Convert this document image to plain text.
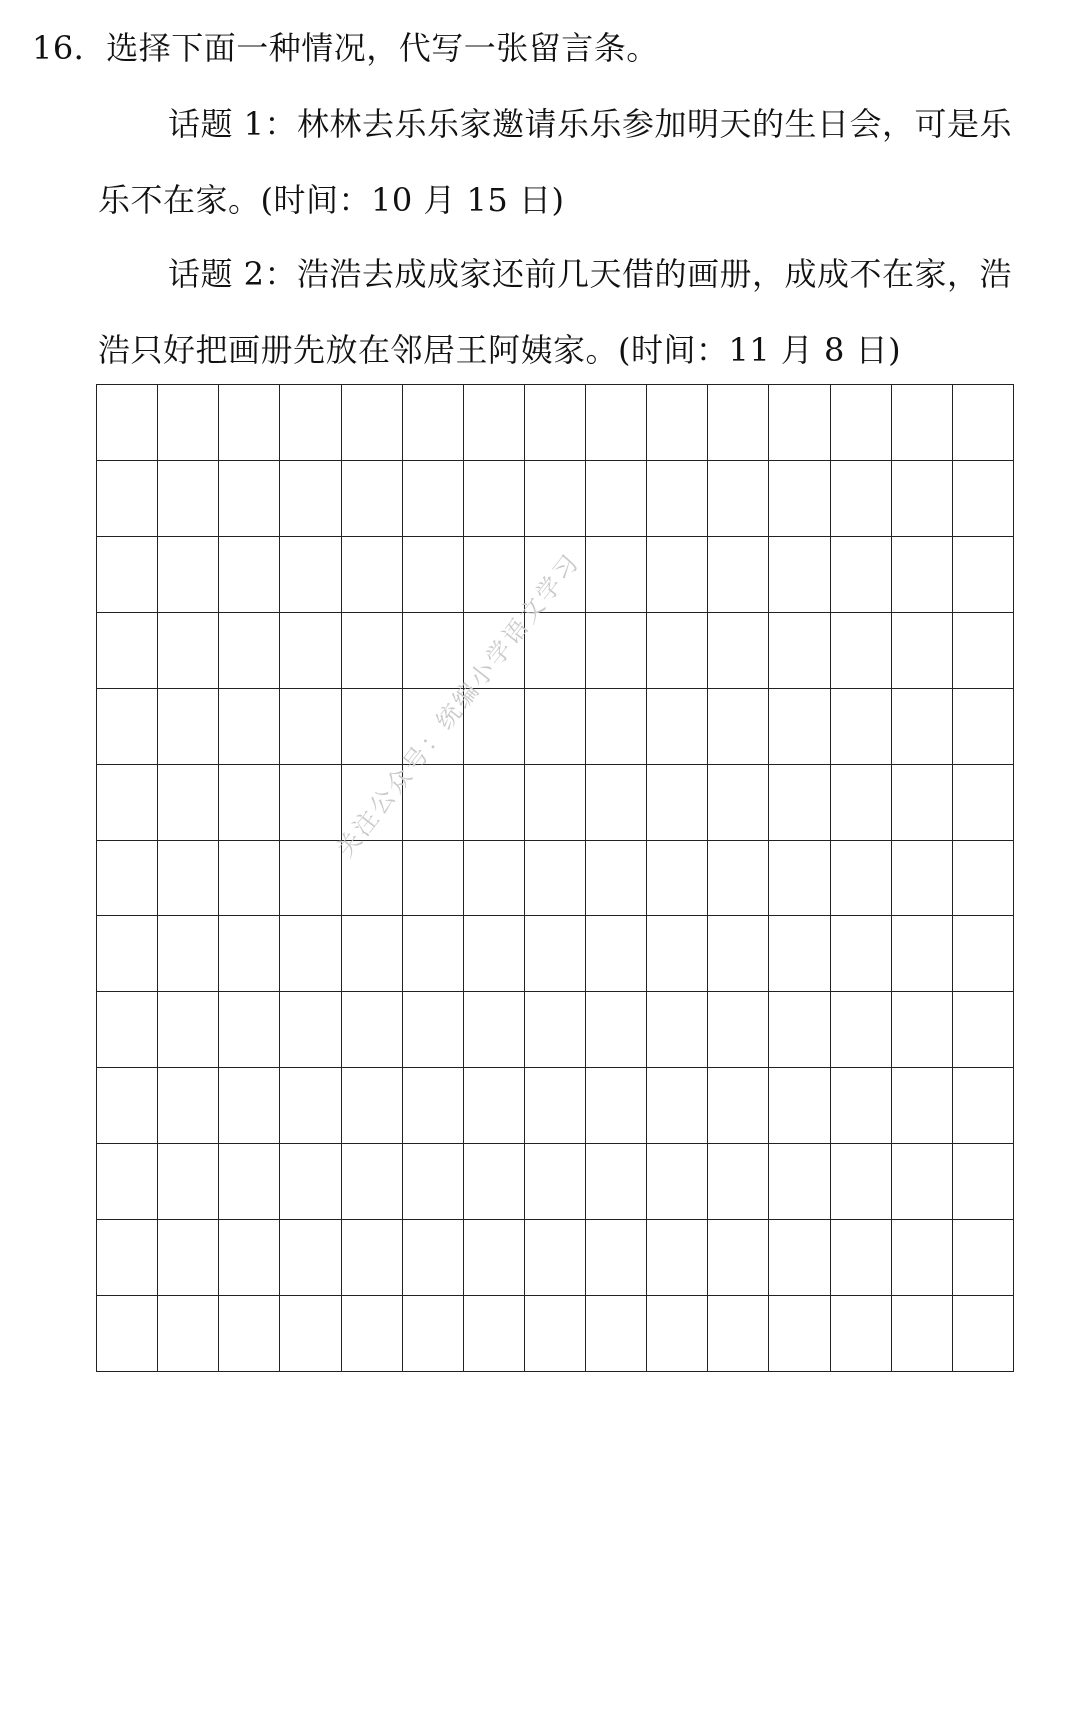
16．选择下面一种情况，代写一张留言条。
话题 1：林林去乐乐家邀请乐乐参加明天的生日会，可是乐
乐不在家。(时间：10 月 15 日)
话题 2：浩浩去成成家还前几天借的画册，成成不在家，浩
浩只好把画册先放在邻居王阿姨家。(时间：11 月 8 日)
关注公众号：统编小学语文学习
